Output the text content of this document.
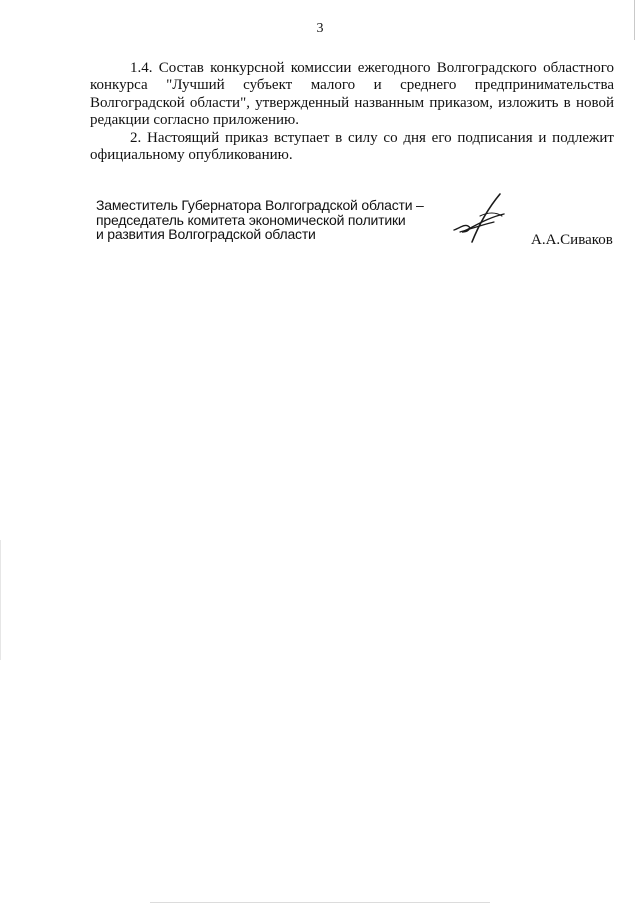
3

1.4. Состав конкурсной комиссии ежегодного Волгоградского областного конкурса "Лучший субъект малого и среднего предпринимательства Волгоградской области", утвержденный названным приказом, изложить в новой редакции согласно приложению.

2. Настоящий приказ вступает в силу со дня его подписания и подлежит официальному опубликованию.

Заместитель Губернатора Волгоградской области –
председатель комитета экономической политики
и развития Волгоградской области	А.А.Сиваков
